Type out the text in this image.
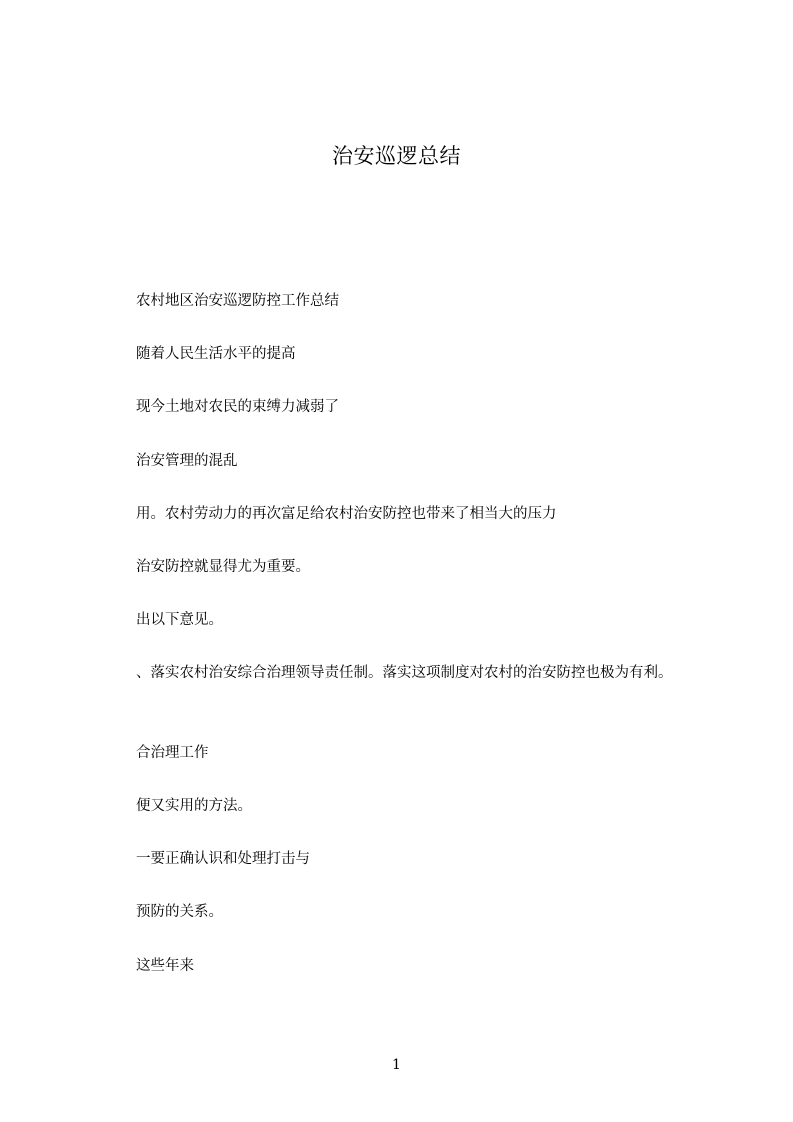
治安巡逻总结
农村地区治安巡逻防控工作总结
随着人民生活水平的提高
现今土地对农民的束缚力减弱了
治安管理的混乱
用。农村劳动力的再次富足给农村治安防控也带来了相当大的压力
治安防控就显得尤为重要。
出以下意见。
、落实农村治安综合治理领导责任制。落实这项制度对农村的治安防控也极为有利。
合治理工作
便又实用的方法。
一要正确认识和处理打击与
预防的关系。
这些年来
1
